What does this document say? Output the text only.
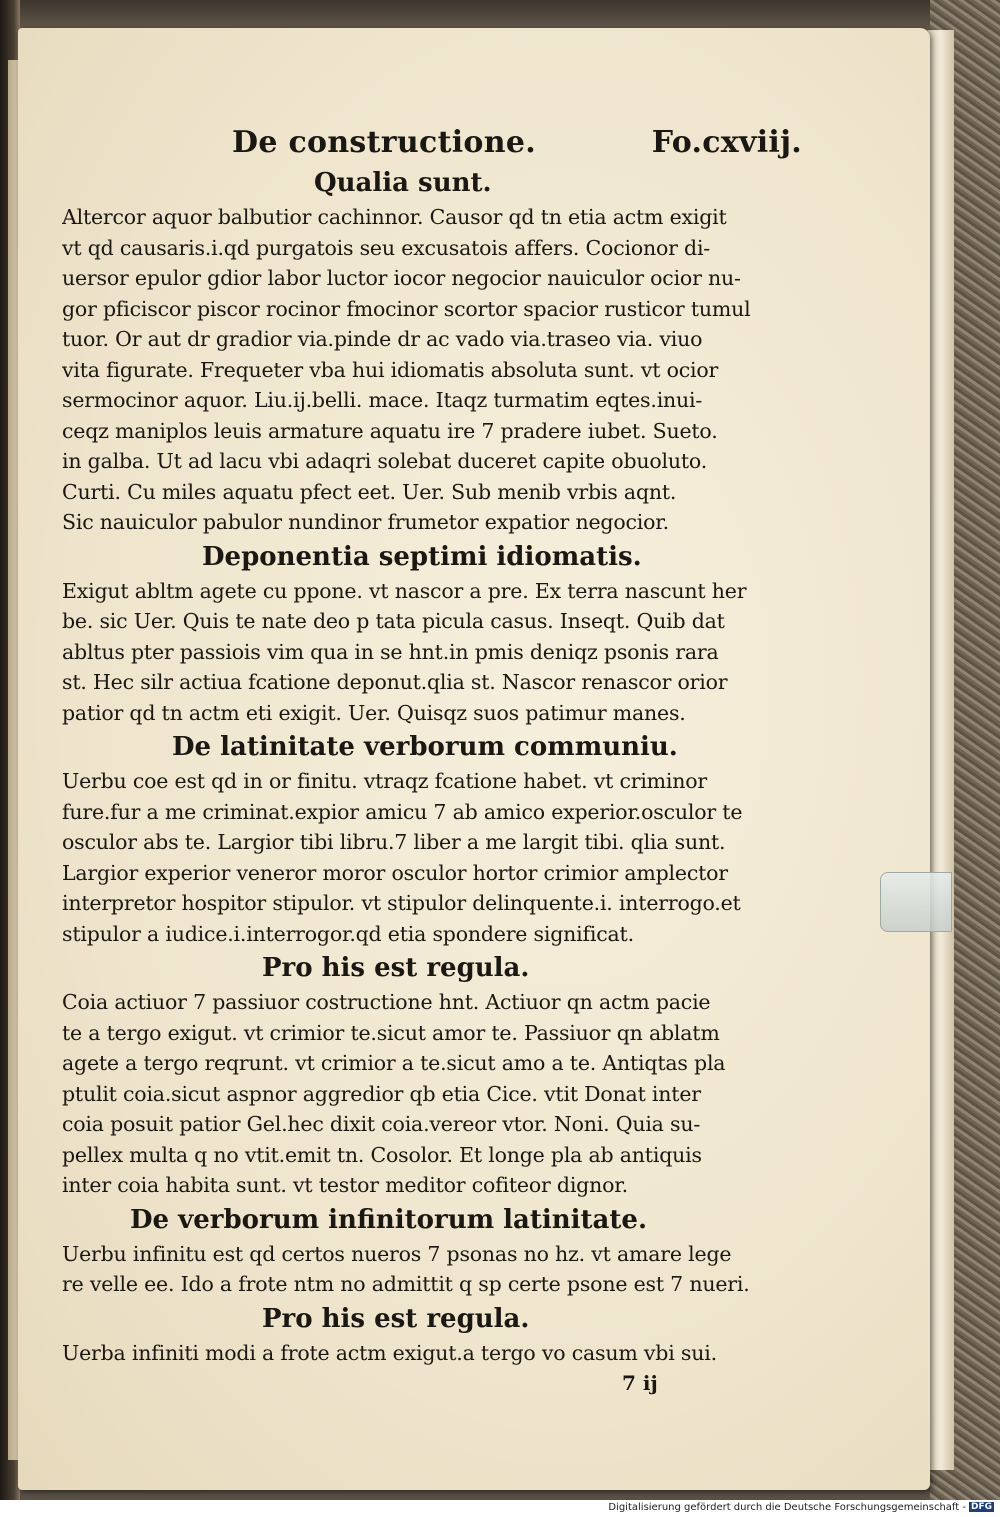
De constructione.	Fo.cxviij.
Qualia sunt.
Altercor aquor balbutior cachinnor. Causor qd tn etia actm exigit
vt qd causaris.i.qd purgatois seu excusatois affers. Cocionor di-
uersor epulor gdior labor luctor iocor negocior nauiculor ocior nu-
gor pficiscor piscor rocinor fmocinor scortor spacior rusticor tumul
tuor. Or aut dr gradior via.pinde dr ac vado via.traseo via. viuo
vita figurate. Frequeter vba hui idiomatis absoluta sunt. vt ocior
sermocinor aquor. Liu.ij.belli. mace. Itaqz turmatim eqtes.inui-
ceqz maniplos leuis armature aquatu ire 7 pradere iubet. Sueto.
in galba. Ut ad lacu vbi adaqri solebat duceret capite obuoluto.
Curti. Cu miles aquatu pfect eet. Uer. Sub menib vrbis aqnt.
Sic nauiculor pabulor nundinor frumetor expatior negocior.
Deponentia septimi idiomatis.
Exigut abltm agete cu ppone. vt nascor a pre. Ex terra nascunt her
be. sic Uer. Quis te nate deo p tata picula casus. Inseqt. Quib dat
abltus pter passiois vim qua in se hnt.in pmis deniqz psonis rara
st. Hec silr actiua fcatione deponut.qlia st. Nascor renascor orior
patior qd tn actm eti exigit. Uer. Quisqz suos patimur manes.
De latinitate verborum communiu.
Uerbu coe est qd in or finitu. vtraqz fcatione habet. vt criminor
fure.fur a me criminat.expior amicu 7 ab amico experior.osculor te
osculor abs te. Largior tibi libru.7 liber a me largit tibi. qlia sunt.
Largior experior veneror moror osculor hortor crimior amplector
interpretor hospitor stipulor. vt stipulor delinquente.i. interrogo.et
stipulor a iudice.i.interrogor.qd etia spondere significat.
Pro his est regula.
Coia actiuor 7 passiuor costructione hnt. Actiuor qn actm pacie
te a tergo exigut. vt crimior te.sicut amor te. Passiuor qn ablatm
agete a tergo reqrunt. vt crimior a te.sicut amo a te. Antiqtas pla
ptulit coia.sicut aspnor aggredior qb etia Cice. vtit Donat inter
coia posuit patior Gel.hec dixit coia.vereor vtor. Noni. Quia su-
pellex multa q no vtit.emit tn. Cosolor. Et longe pla ab antiquis
inter coia habita sunt. vt testor meditor cofiteor dignor.
De verborum infinitorum latinitate.
Uerbu infinitu est qd certos nueros 7 psonas no hz. vt amare lege
re velle ee. Ido a frote ntm no admittit q sp certe psone est 7 nueri.
Pro his est regula.
Uerba infiniti modi a frote actm exigut.a tergo vo casum vbi sui.
7 ij
Digitalisierung gefördert durch die Deutsche Forschungsgemeinschaft - DFG
